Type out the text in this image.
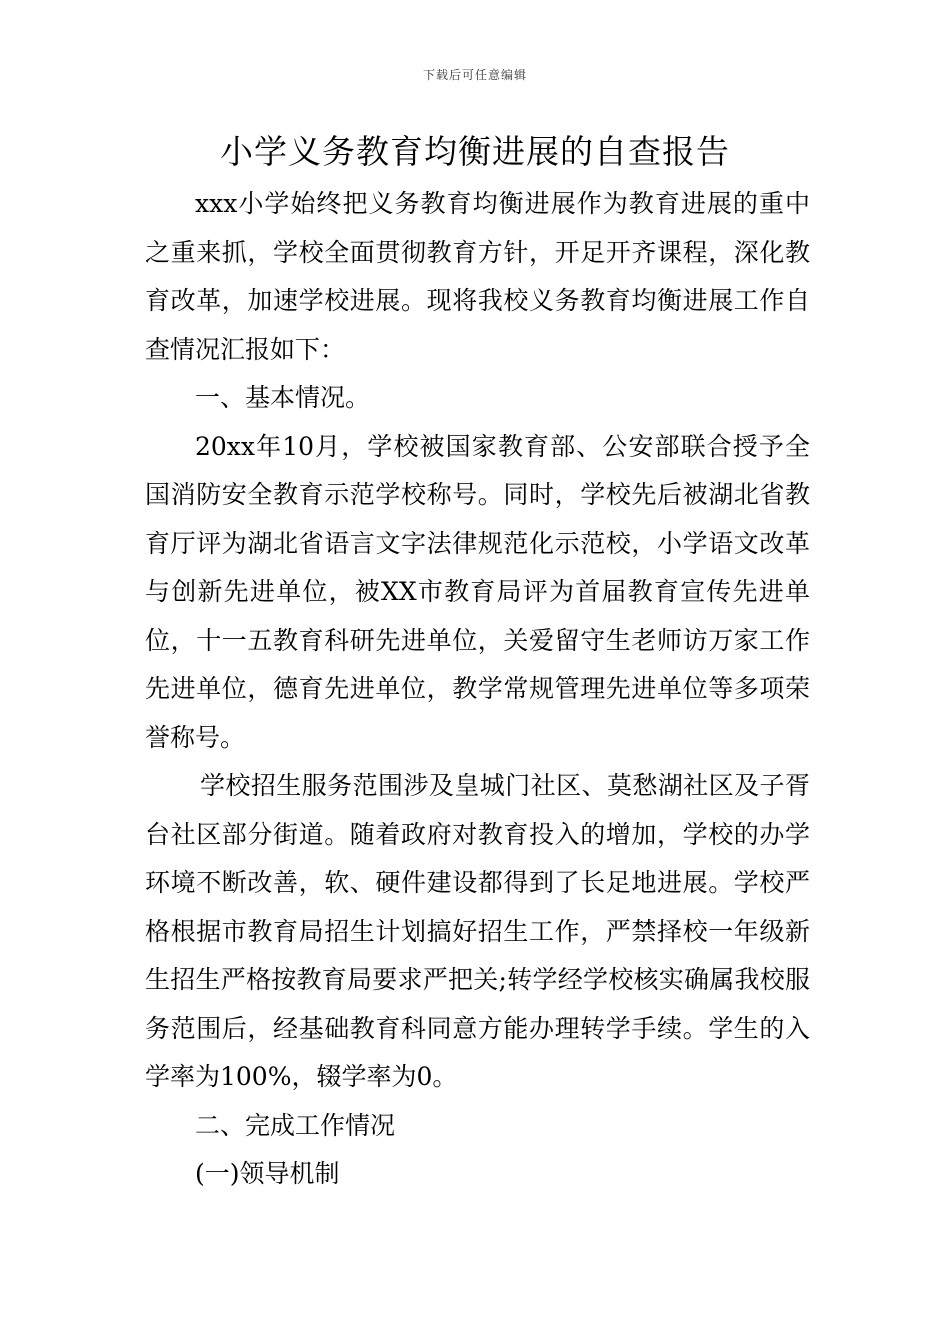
下载后可任意编辑
小学义务教育均衡进展的自查报告

xxx小学始终把义务教育均衡进展作为教育进展的重中之重来抓，学校全面贯彻教育方针，开足开齐课程，深化教育改革，加速学校进展。现将我校义务教育均衡进展工作自查情况汇报如下：

一、基本情况。

20xx年10月，学校被国家教育部、公安部联合授予全国消防安全教育示范学校称号。同时，学校先后被湖北省教育厅评为湖北省语言文字法律规范化示范校，小学语文改革与创新先进单位，被XX市教育局评为首届教育宣传先进单位，十一五教育科研先进单位，关爱留守生老师访万家工作先进单位，德育先进单位，教学常规管理先进单位等多项荣誉称号。

学校招生服务范围涉及皇城门社区、莫愁湖社区及子胥台社区部分街道。随着政府对教育投入的增加，学校的办学环境不断改善，软、硬件建设都得到了长足地进展。学校严格根据市教育局招生计划搞好招生工作，严禁择校一年级新生招生严格按教育局要求严把关;转学经学校核实确属我校服务范围后，经基础教育科同意方能办理转学手续。学生的入学率为100%，辍学率为0。

二、完成工作情况

(一)领导机制
